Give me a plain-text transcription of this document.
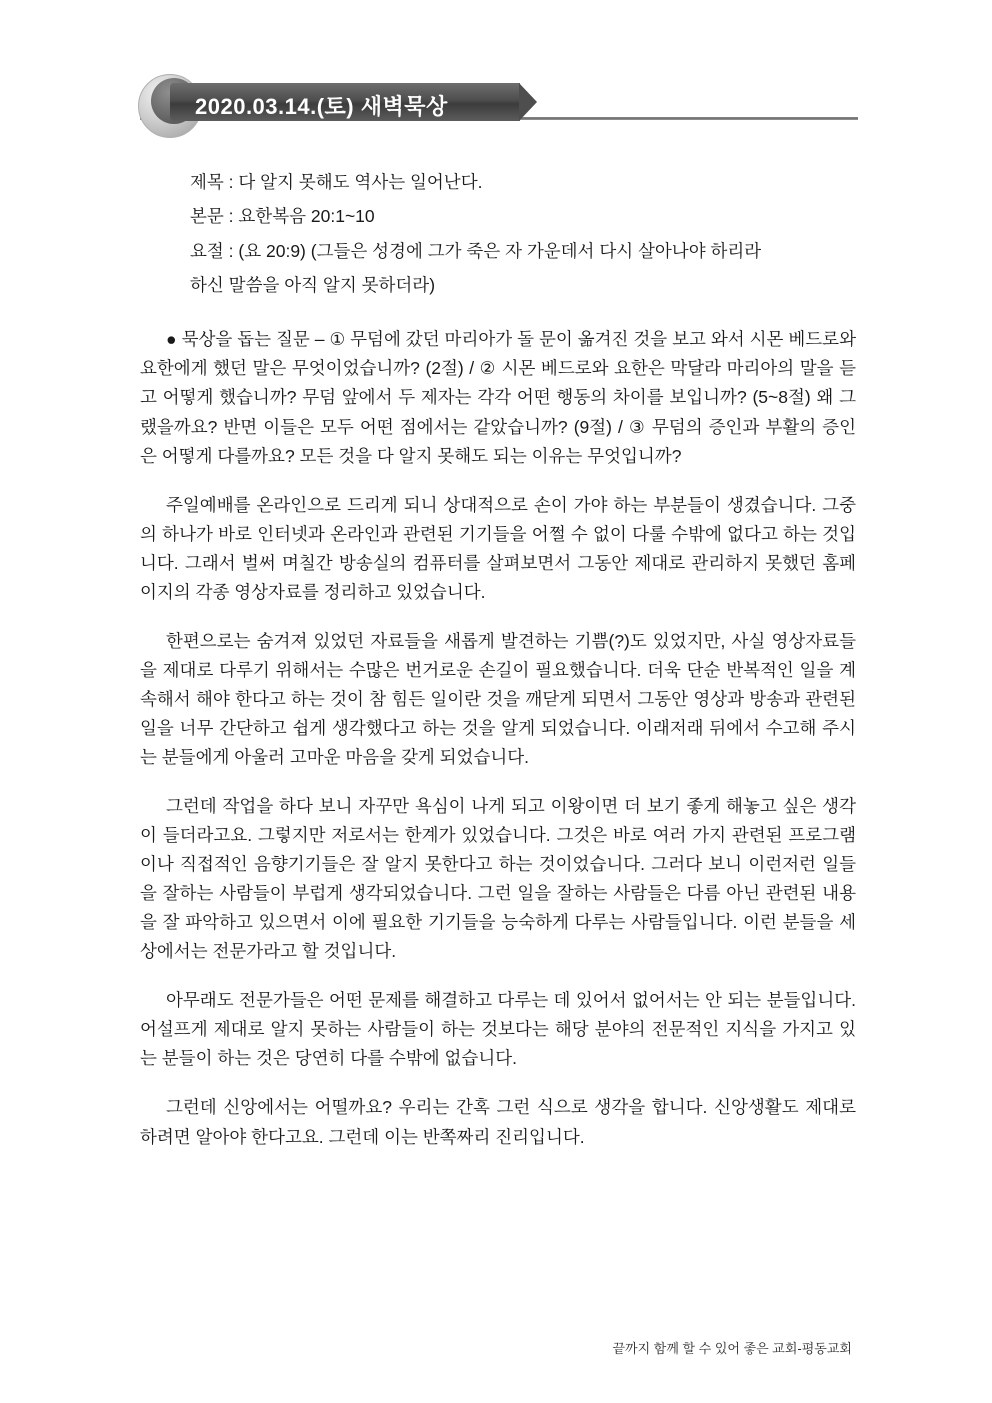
2020.03.14.(토) 새벽묵상
제목 : 다 알지 못해도 역사는 일어난다.
본문 : 요한복음 20:1~10
요절 : (요 20:9) (그들은 성경에 그가 죽은 자 가운데서 다시 살아나야 하리라
하신 말씀을 아직 알지 못하더라)
● 묵상을 돕는 질문 – ① 무덤에 갔던 마리아가 돌 문이 옮겨진 것을 보고 와서 시몬 베드로와 요한에게 했던 말은 무엇이었습니까? (2절) / ② 시몬 베드로와 요한은 막달라 마리아의 말을 듣고 어떻게 했습니까? 무덤 앞에서 두 제자는 각각 어떤 행동의 차이를 보입니까? (5~8절) 왜 그랬을까요? 반면 이들은 모두 어떤 점에서는 같았습니까? (9절) / ③ 무덤의 증인과 부활의 증인은 어떻게 다를까요? 모든 것을 다 알지 못해도 되는 이유는 무엇입니까?

주일예배를 온라인으로 드리게 되니 상대적으로 손이 가야 하는 부분들이 생겼습니다. 그중의 하나가 바로 인터넷과 온라인과 관련된 기기들을 어쩔 수 없이 다룰 수밖에 없다고 하는 것입니다. 그래서 벌써 며칠간 방송실의 컴퓨터를 살펴보면서 그동안 제대로 관리하지 못했던 홈페이지의 각종 영상자료를 정리하고 있었습니다.

한편으로는 숨겨져 있었던 자료들을 새롭게 발견하는 기쁨(?)도 있었지만, 사실 영상자료들을 제대로 다루기 위해서는 수많은 번거로운 손길이 필요했습니다. 더욱 단순 반복적인 일을 계속해서 해야 한다고 하는 것이 참 힘든 일이란 것을 깨닫게 되면서 그동안 영상과 방송과 관련된 일을 너무 간단하고 쉽게 생각했다고 하는 것을 알게 되었습니다. 이래저래 뒤에서 수고해 주시는 분들에게 아울러 고마운 마음을 갖게 되었습니다.

그런데 작업을 하다 보니 자꾸만 욕심이 나게 되고 이왕이면 더 보기 좋게 해놓고 싶은 생각이 들더라고요. 그렇지만 저로서는 한계가 있었습니다. 그것은 바로 여러 가지 관련된 프로그램이나 직접적인 음향기기들은 잘 알지 못한다고 하는 것이었습니다. 그러다 보니 이런저런 일들을 잘하는 사람들이 부럽게 생각되었습니다. 그런 일을 잘하는 사람들은 다름 아닌 관련된 내용을 잘 파악하고 있으면서 이에 필요한 기기들을 능숙하게 다루는 사람들입니다. 이런 분들을 세상에서는 전문가라고 할 것입니다.

아무래도 전문가들은 어떤 문제를 해결하고 다루는 데 있어서 없어서는 안 되는 분들입니다. 어설프게 제대로 알지 못하는 사람들이 하는 것보다는 해당 분야의 전문적인 지식을 가지고 있는 분들이 하는 것은 당연히 다를 수밖에 없습니다.

그런데 신앙에서는 어떨까요? 우리는 간혹 그런 식으로 생각을 합니다. 신앙생활도 제대로 하려면 알아야 한다고요. 그런데 이는 반쪽짜리 진리입니다.

끝까지 함께 할 수 있어 좋은 교회-평동교회
